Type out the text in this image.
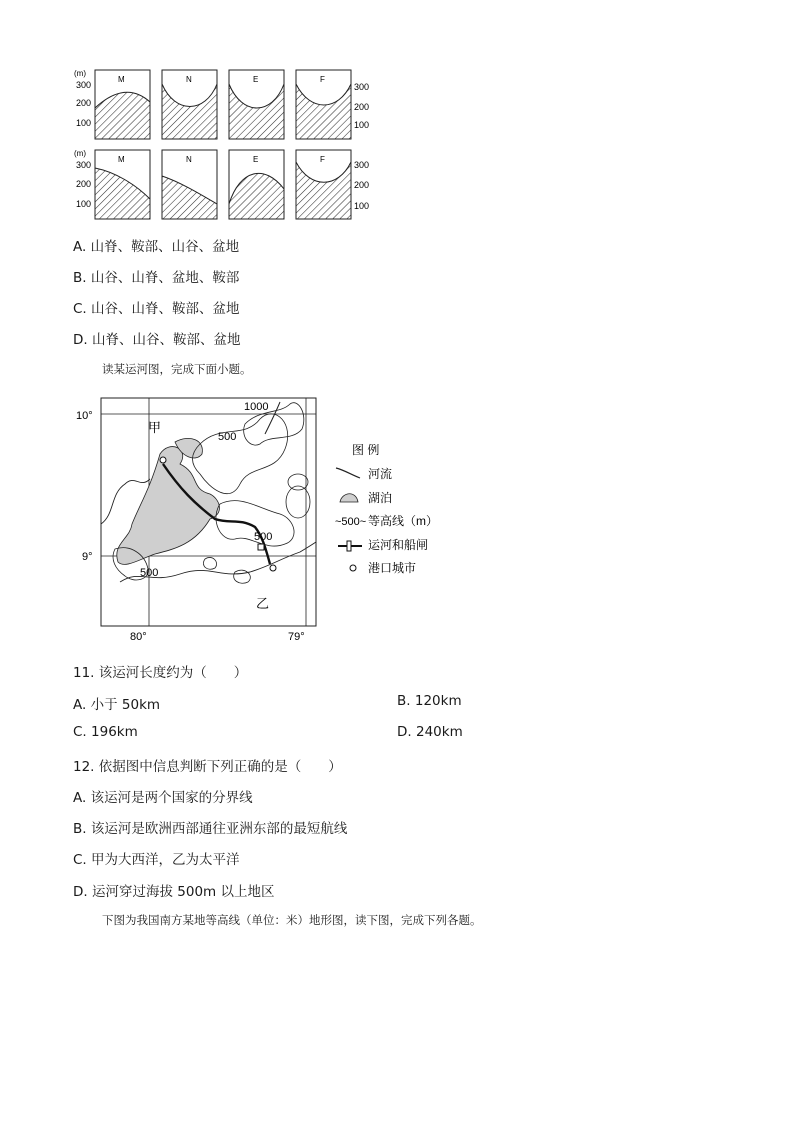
(m)
300
200
100
M	N	E	F
300
200
100
(m)
300
200
100
M	N	E	F
300
200
100
A. 山脊、鞍部、山谷、盆地
B. 山谷、山脊、盆地、鞍部
C. 山谷、山脊、鞍部、盆地
D. 山脊、山谷、鞍部、盆地
读某运河图，完成下面小题。
10°
9°
80°	79°
甲
乙
1000
500
500
500
图 例
河流
湖泊
~500~ 等高线（m）
运河和船闸
港口城市
11. 该运河长度约为（　　）
A. 小于 50km	B. 120km
C. 196km	D. 240km
12. 依据图中信息判断下列正确的是（　　）
A. 该运河是两个国家的分界线
B. 该运河是欧洲西部通往亚洲东部的最短航线
C. 甲为大西洋，乙为太平洋
D. 运河穿过海拔 500m 以上地区
下图为我国南方某地等高线（单位：米）地形图，读下图，完成下列各题。
